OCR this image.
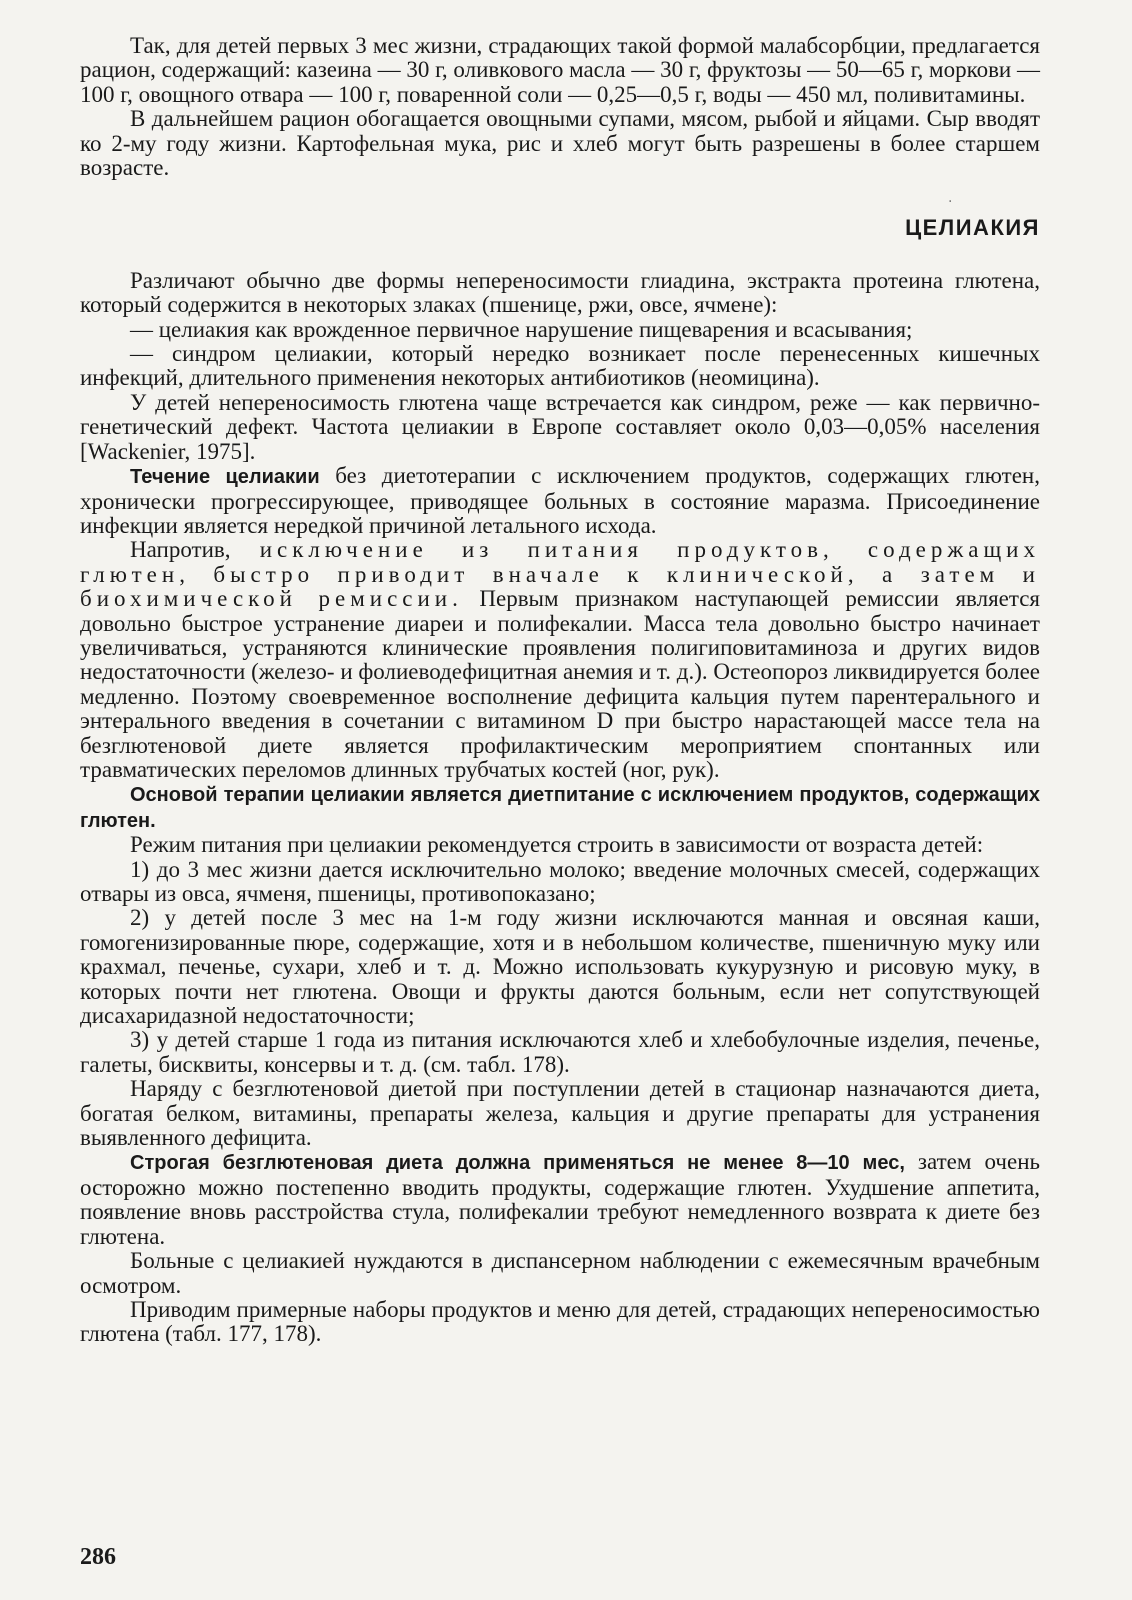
Так, для детей первых 3 мес жизни, страдающих такой формой малабсорбции, предлагается рацион, содержащий: казеина — 30 г, оливкового масла — 30 г, фруктозы — 50—65 г, моркови — 100 г, овощного отвара — 100 г, поваренной соли — 0,25—0,5 г, воды — 450 мл, поливитамины.

В дальнейшем рацион обогащается овощными супами, мясом, рыбой и яйцами. Сыр вводят ко 2-му году жизни. Картофельная мука, рис и хлеб могут быть разрешены в более старшем возрасте.

ЦЕЛИАКИЯ

Различают обычно две формы непереносимости глиадина, экстракта протеина глютена, который содержится в некоторых злаках (пшенице, ржи, овсе, ячмене):

— целиакия как врожденное первичное нарушение пищеварения и всасывания;

— синдром целиакии, который нередко возникает после перенесенных кишечных инфекций, длительного применения некоторых антибиотиков (неомицина).

У детей непереносимость глютена чаще встречается как синдром, реже — как первично-генетический дефект. Частота целиакии в Европе составляет около 0,03—0,05% населения [Wackenier, 1975].

Течение целиакии без диетотерапии с исключением продуктов, содержащих глютен, хронически прогрессирующее, приводящее больных в состояние маразма. Присоединение инфекции является нередкой причиной летального исхода.

Напротив, исключение из питания продуктов, содержащих глютен, быстро приводит вначале к клинической, а затем и биохимической ремиссии. Первым признаком наступающей ремиссии является довольно быстрое устранение диареи и полифекалии. Масса тела довольно быстро начинает увеличиваться, устраняются клинические проявления полигиповитаминоза и других видов недостаточности (железо- и фолиеводефицитная анемия и т. д.). Остеопороз ликвидируется более медленно. Поэтому своевременное восполнение дефицита кальция путем парентерального и энтерального введения в сочетании с витамином D при быстро нарастающей массе тела на безглютеновой диете является профилактическим мероприятием спонтанных или травматических переломов длинных трубчатых костей (ног, рук).

Основой терапии целиакии является диетпитание с исключением продуктов, содержащих глютен.

Режим питания при целиакии рекомендуется строить в зависимости от возраста детей:

1) до 3 мес жизни дается исключительно молоко; введение молочных смесей, содержащих отвары из овса, ячменя, пшеницы, противопоказано;

2) у детей после 3 мес на 1-м году жизни исключаются манная и овсяная каши, гомогенизированные пюре, содержащие, хотя и в небольшом количестве, пшеничную муку или крахмал, печенье, сухари, хлеб и т. д. Можно использовать кукурузную и рисовую муку, в которых почти нет глютена. Овощи и фрукты даются больным, если нет сопутствующей дисахаридазной недостаточности;

3) у детей старше 1 года из питания исключаются хлеб и хлебобулочные изделия, печенье, галеты, бисквиты, консервы и т. д. (см. табл. 178).

Наряду с безглютеновой диетой при поступлении детей в стационар назначаются диета, богатая белком, витамины, препараты железа, кальция и другие препараты для устранения выявленного дефицита.

Строгая безглютеновая диета должна применяться не менее 8—10 мес, затем очень осторожно можно постепенно вводить продукты, содержащие глютен. Ухудшение аппетита, появление вновь расстройства стула, полифекалии требуют немедленного возврата к диете без глютена.

Больные с целиакией нуждаются в диспансерном наблюдении с ежемесячным врачебным осмотром.

Приводим примерные наборы продуктов и меню для детей, страдающих непереносимостью глютена (табл. 177, 178).

286
·
